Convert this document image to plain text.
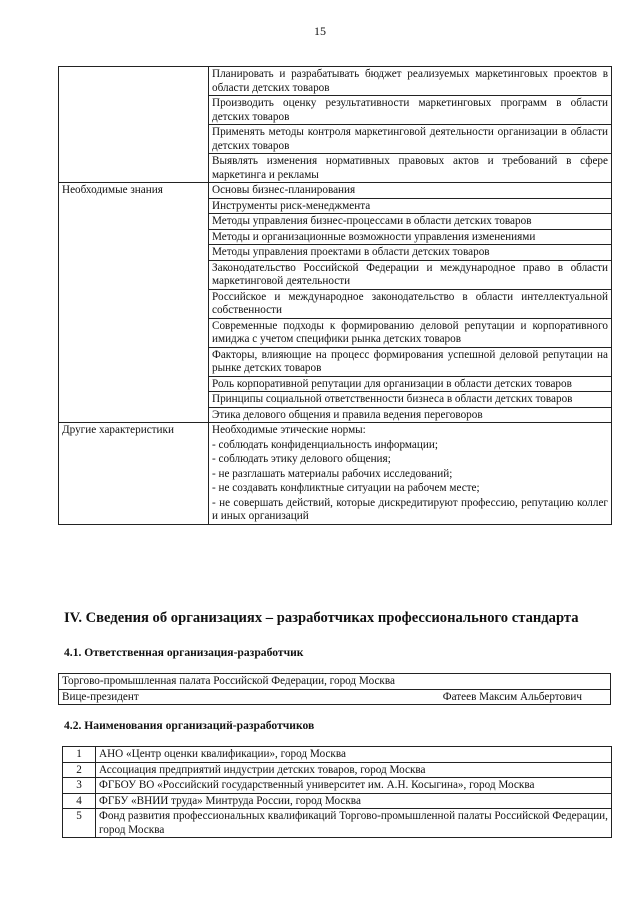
15
	Планировать и разрабатывать бюджет реализуемых маркетинговых проектов в области детских товаров
	Производить оценку результативности маркетинговых программ в области детских товаров
	Применять методы контроля маркетинговой деятельности организации в области детских товаров
	Выявлять изменения нормативных правовых актов и требований в сфере маркетинга и рекламы
Необходимые знания	Основы бизнес-планирования
	Инструменты риск-менеджмента
	Методы управления бизнес-процессами в области детских товаров
	Методы и организационные возможности управления изменениями
	Методы управления проектами в области детских товаров
	Законодательство Российской Федерации и международное право в области маркетинговой деятельности
	Российское и международное законодательство в области интеллектуальной собственности
	Современные подходы к формированию деловой репутации и корпоративного имиджа с учетом специфики рынка детских товаров
	Факторы, влияющие на процесс формирования успешной деловой репутации на рынке детских товаров
	Роль корпоративной репутации для организации в области детских товаров
	Принципы социальной ответственности бизнеса в области детских товаров
	Этика делового общения и правила ведения переговоров
Другие характеристики	Необходимые этические нормы:
	- соблюдать конфиденциальность информации;
	- соблюдать этику делового общения;
	- не разглашать материалы рабочих исследований;
	- не создавать конфликтные ситуации на рабочем месте;
	- не совершать действий, которые дискредитируют профессию, репутацию коллег и иных организаций
IV. Сведения об организациях – разработчиках профессионального стандарта
4.1. Ответственная организация-разработчик
Торгово-промышленная палата Российской Федерации, город Москва
Вице-президент	Фатеев Максим Альбертович
4.2. Наименования организаций-разработчиков
1	АНО «Центр оценки квалификации», город Москва
2	Ассоциация предприятий индустрии детских товаров, город Москва
3	ФГБОУ ВО «Российский государственный университет им. А.Н. Косыгина», город Москва
4	ФГБУ «ВНИИ труда» Минтруда России, город Москва
5	Фонд развития профессиональных квалификаций Торгово-промышленной палаты Российской Федерации, город Москва
